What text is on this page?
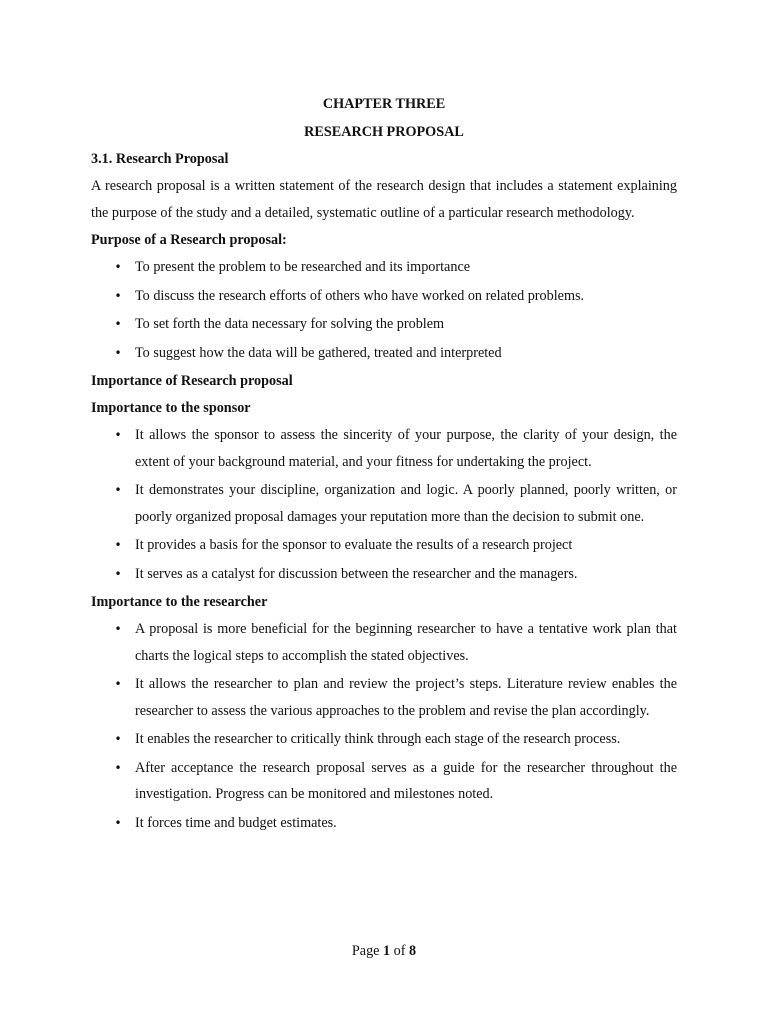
CHAPTER THREE

RESEARCH PROPOSAL

3.1. Research Proposal

A research proposal is a written statement of the research design that includes a statement explaining the purpose of the study and a detailed, systematic outline of a particular research methodology.

Purpose of a Research proposal:

• To present the problem to be researched and its importance
• To discuss the research efforts of others who have worked on related problems.
• To set forth the data necessary for solving the problem
• To suggest how the data will be gathered, treated and interpreted

Importance of Research proposal

Importance to the sponsor

• It allows the sponsor to assess the sincerity of your purpose, the clarity of your design, the extent of your background material, and your fitness for undertaking the project.
• It demonstrates your discipline, organization and logic. A poorly planned, poorly written, or poorly organized proposal damages your reputation more than the decision to submit one.
• It provides a basis for the sponsor to evaluate the results of a research project
• It serves as a catalyst for discussion between the researcher and the managers.

Importance to the researcher

• A proposal is more beneficial for the beginning researcher to have a tentative work plan that charts the logical steps to accomplish the stated objectives.
• It allows the researcher to plan and review the project’s steps. Literature review enables the researcher to assess the various approaches to the problem and revise the plan accordingly.
• It enables the researcher to critically think through each stage of the research process.
• After acceptance the research proposal serves as a guide for the researcher throughout the investigation. Progress can be monitored and milestones noted.
• It forces time and budget estimates.
Page 1 of 8
